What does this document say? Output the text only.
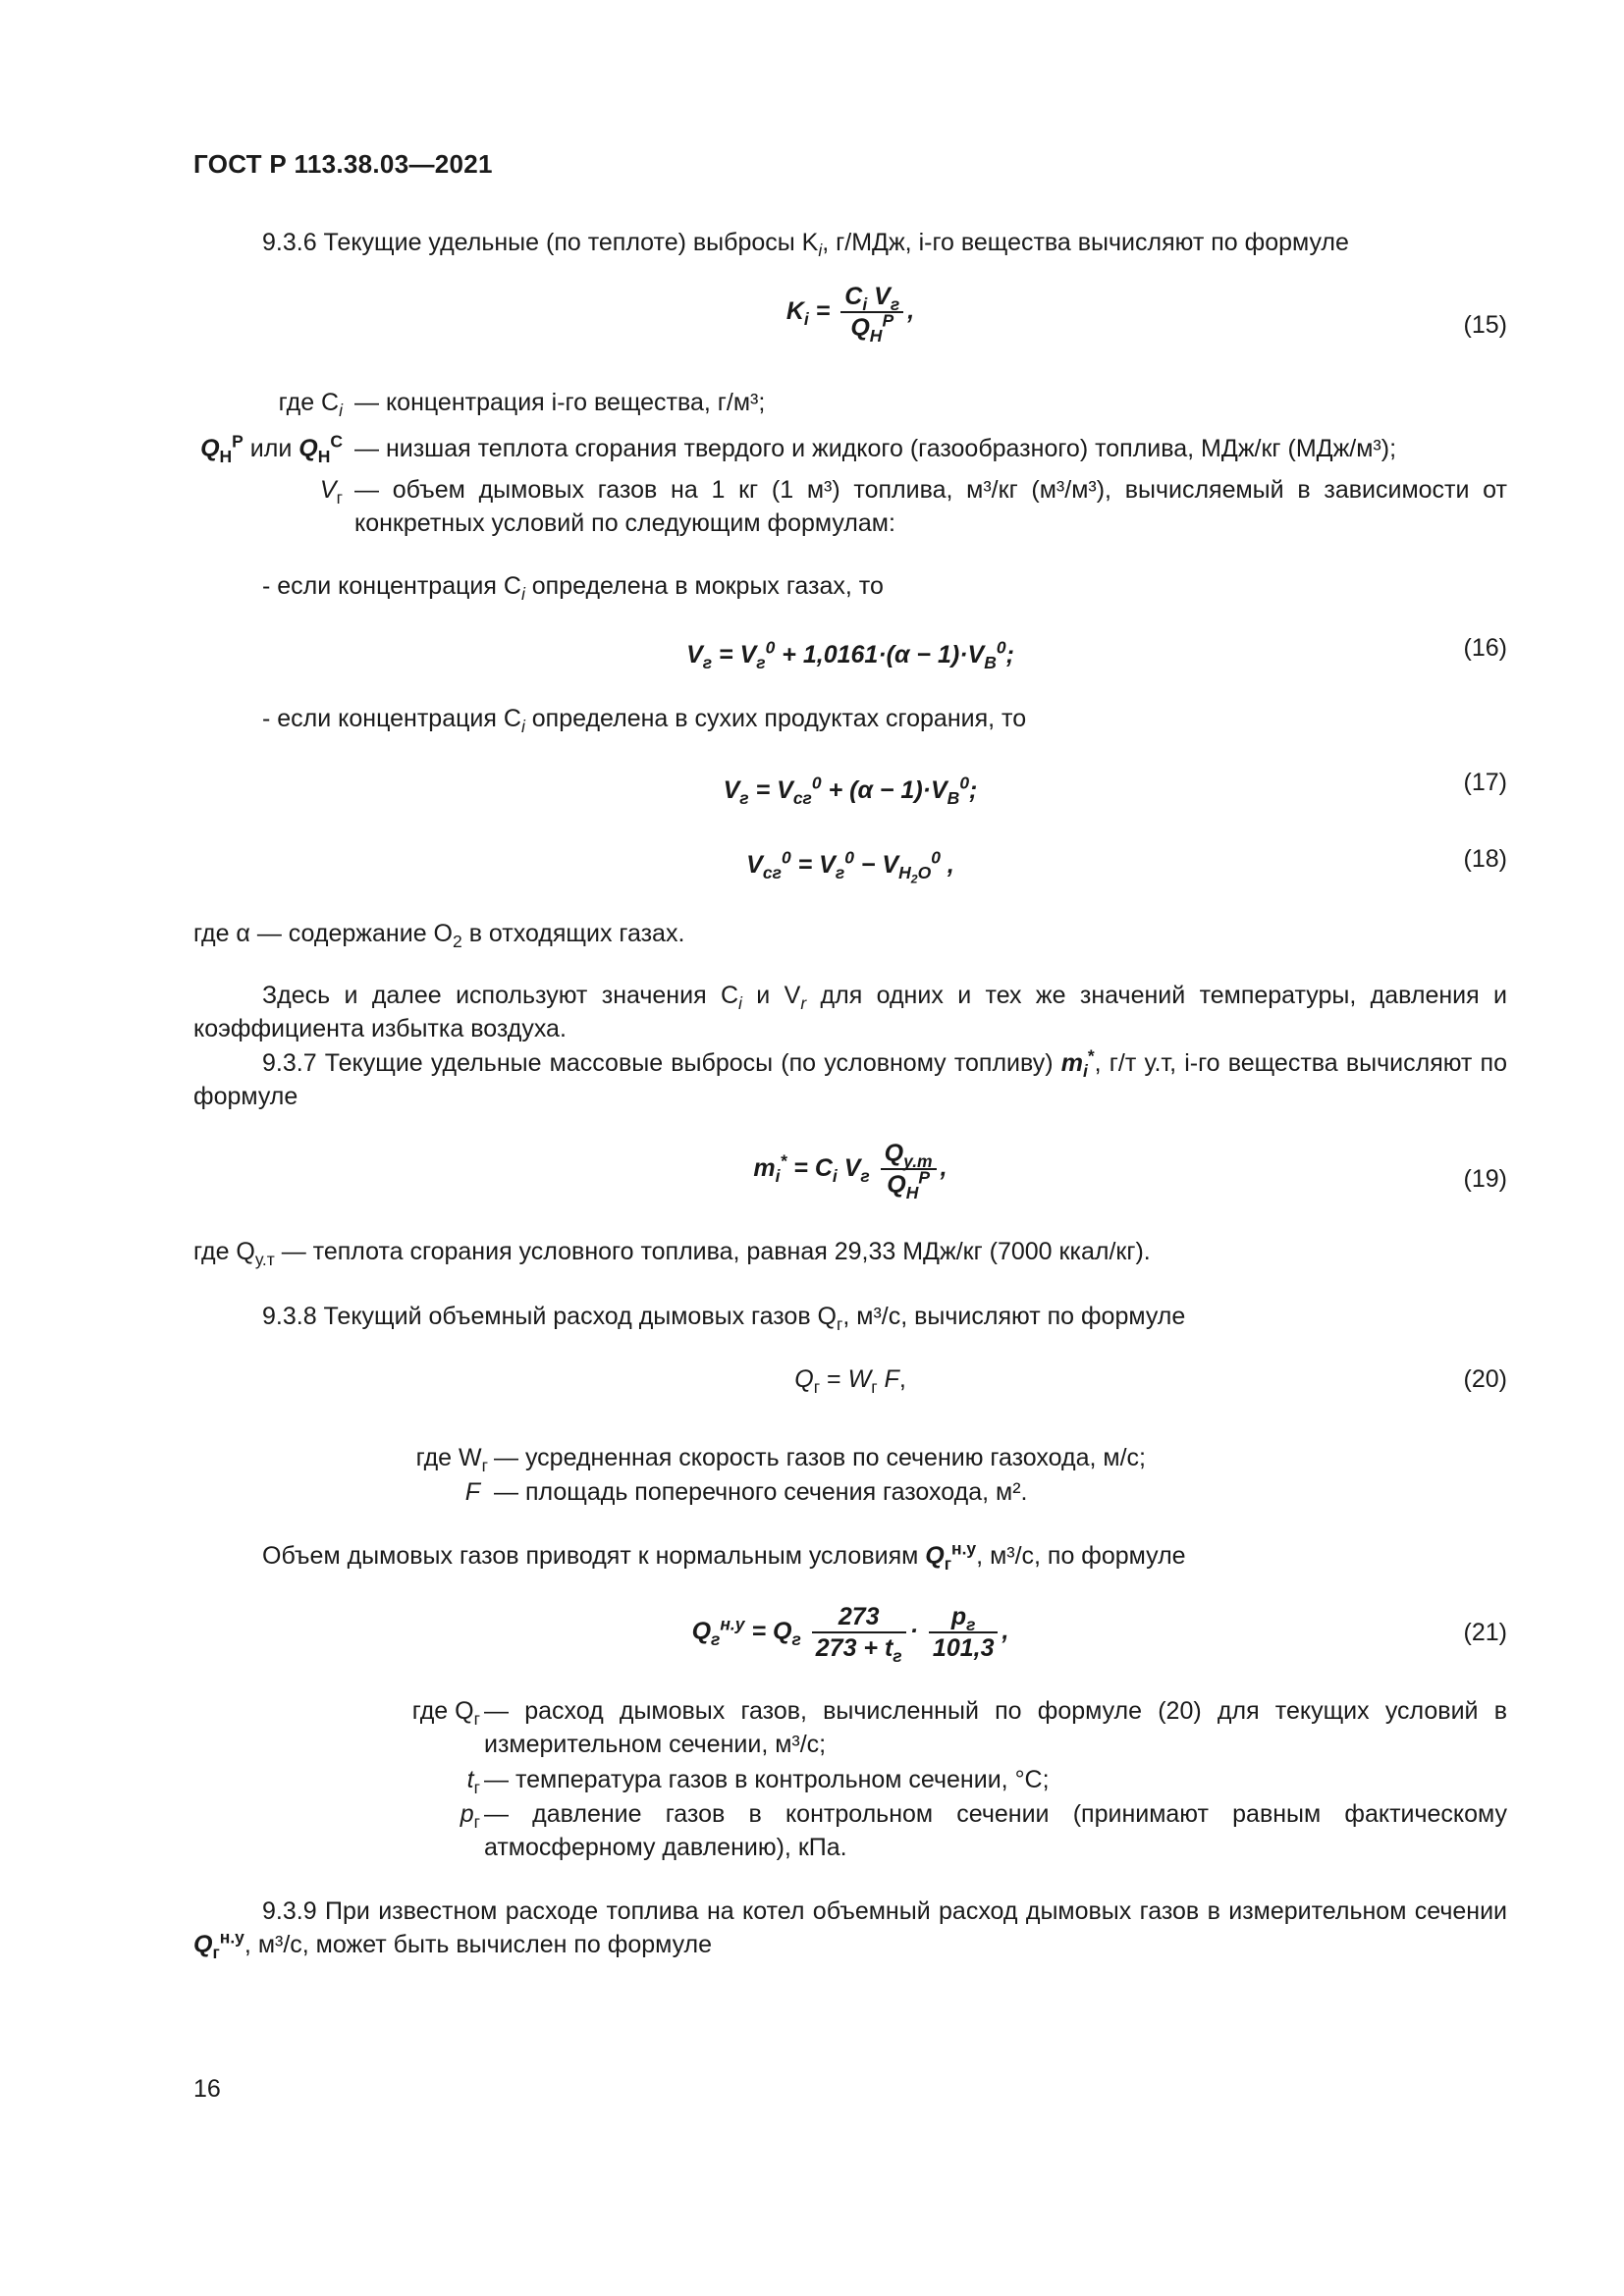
ГОСТ Р 113.38.03—2021
9.3.6 Текущие удельные (по теплоте) выбросы $K_i$, г/МДж, i-го вещества вычисляют по формуле
$K_i = \frac{C_i V_г}{Q_Н^P}$ ,
(15)
где $C_i$ — концентрация i-го вещества, г/м³;
$Q_Н^P$ или $Q_Н^C$ — низшая теплота сгорания твердого и жидкого (газообразного) топлива, МДж/кг (МДж/м³);
$V_г$ — объем дымовых газов на 1 кг (1 м³) топлива, м³/кг (м³/м³), вычисляемый в зависимости от конкретных условий по следующим формулам:
- если концентрация $C_i$ определена в мокрых газах, то
$V_г = V_г^0 + 1,0161\cdot(\alpha - 1)\cdot V_В^0$;	(16)
- если концентрация $C_i$ определена в сухих продуктах сгорания, то
$V_г = V_{сг}^0 + (\alpha - 1)\cdot V_В^0$;	(17)
$V_{сг}^0 = V_г^0 - V_{Н_2О}^0$ ,	(18)
где α — содержание $O_2$ в отходящих газах.
Здесь и далее используют значения $C_i$ и $V_r$ для одних и тех же значений температуры, давления и коэффициента избытка воздуха.
9.3.7 Текущие удельные массовые выбросы (по условному топливу) $m_i^*$, г/т у.т, i-го вещества вычисляют по формуле
$m_i^* = C_i$ $V_г \frac{Q_{у.т}}{Q_Н^P}$ ,	(19)
где $Q_{у.т}$ — теплота сгорания условного топлива, равная 29,33 МДж/кг (7000 ккал/кг).
9.3.8 Текущий объемный расход дымовых газов $Q_г$, м³/с, вычисляют по формуле
$Q_г = W_г$ F,	(20)
где $W_г$ — усредненная скорость газов по сечению газохода, м/с;
F — площадь поперечного сечения газохода, м².
Объем дымовых газов приводят к нормальным условиям $Q_г^{н.у}$, м³/с, по формуле
$Q_г^{н.у} = Q_г \frac{273}{273 + t_г} \cdot \frac{p_г}{101,3}$ ,	(21)
где $Q_г$ — расход дымовых газов, вычисленный по формуле (20) для текущих условий в измерительном сечении, м³/с;
$t_г$ — температура газов в контрольном сечении, °C;
$p_г$ — давление газов в контрольном сечении (принимают равным фактическому атмосферному давлению), кПа.
9.3.9 При известном расходе топлива на котел объемный расход дымовых газов в измерительном сечении $Q_г^{н.у}$, м³/с, может быть вычислен по формуле
16
